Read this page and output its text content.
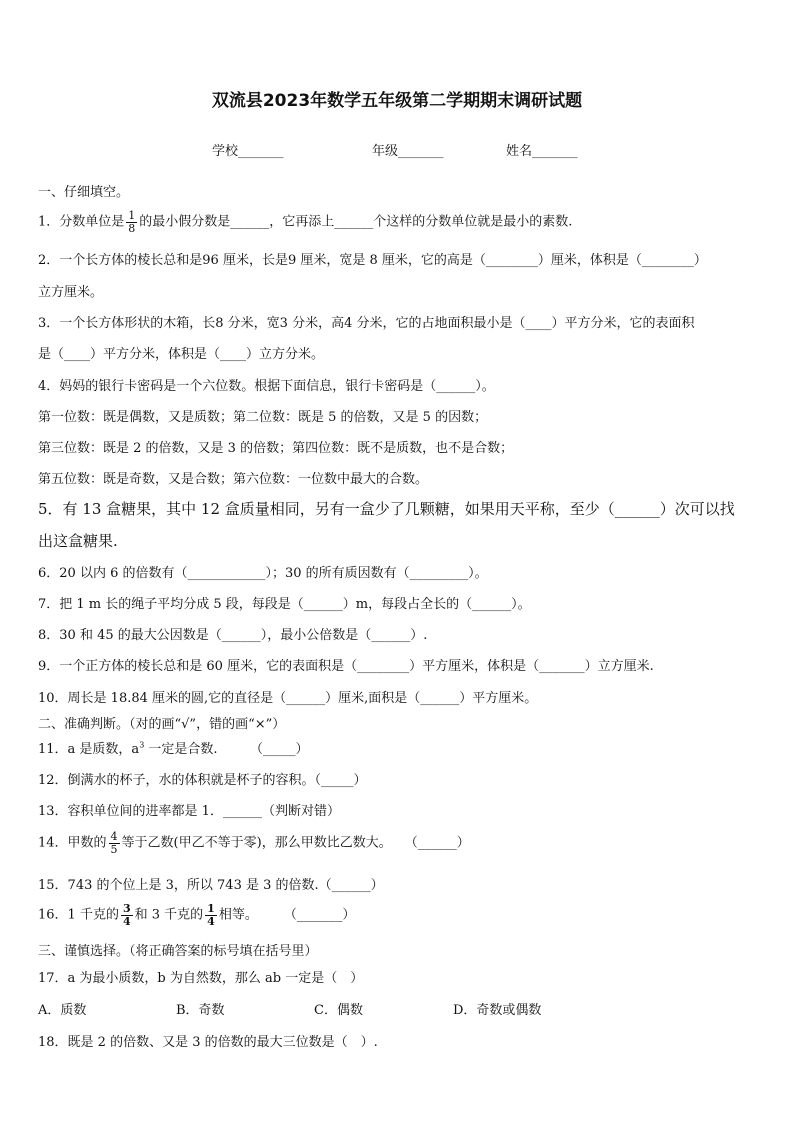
双流县2023年数学五年级第二学期期末调研试题
学校_______	年级_______	姓名_______
一、仔细填空。
1．分数单位是 $\frac{1}{8}$ 的最小假分数是______，它再添上______个这样的分数单位就是最小的素数.
2．一个长方体的棱长总和是96 厘米，长是9 厘米，宽是 8 厘米，它的高是（________）厘米，体积是（________）
立方厘米。
3．一个长方体形状的木箱，长8 分米，宽3 分米，高4 分米，它的占地面积最小是（____）平方分米，它的表面积
是（____）平方分米，体积是（____）立方分米。
4．妈妈的银行卡密码是一个六位数。根据下面信息，银行卡密码是（______）。
第一位数：既是偶数，又是质数；第二位数：既是 5 的倍数，又是 5 的因数；
第三位数：既是 2 的倍数，又是 3 的倍数；第四位数：既不是质数，也不是合数；
第五位数：既是奇数，又是合数；第六位数：一位数中最大的合数。
5．有 13 盒糖果，其中 12 盒质量相同，另有一盒少了几颗糖，如果用天平称，至少（______）次可以找
出这盒糖果.
6．20 以内 6 的倍数有（____________）；30 的所有质因数有（_________）。
7．把 1 m 长的绳子平均分成 5 段，每段是（______）m，每段占全长的（______）。
8．30 和 45 的最大公因数是（______），最小公倍数是（______）.
9．一个正方体的棱长总和是 60 厘米，它的表面积是（________）平方厘米，体积是（_______）立方厘米.
10．周长是 18.84 厘米的圆,它的直径是（______）厘米,面积是（______）平方厘米。
二、准确判断。（对的画“√”，错的画“×”）
11．a 是质数，$a^3$ 一定是合数.　　　（_____）
12．倒满水的杯子，水的体积就是杯子的容积。（_____）
13．容积单位间的进率都是 1．______（判断对错）
14．甲数的 $\frac{4}{5}$ 等于乙数(甲乙不等于零)，那么甲数比乙数大。　　（______）
15．743 的个位上是 3，所以 743 是 3 的倍数.（______）
16．1 千克的 $\frac{3}{4}$ 和 3 千克的 $\frac{1}{4}$ 相等。　　　（_______）
三、谨慎选择。（将正确答案的标号填在括号里）
17．a 为最小质数，b 为自然数，那么 ab 一定是（　）
A．质数	B．奇数	C．偶数	D．奇数或偶数
18．既是 2 的倍数、又是 3 的倍数的最大三位数是（　）.
